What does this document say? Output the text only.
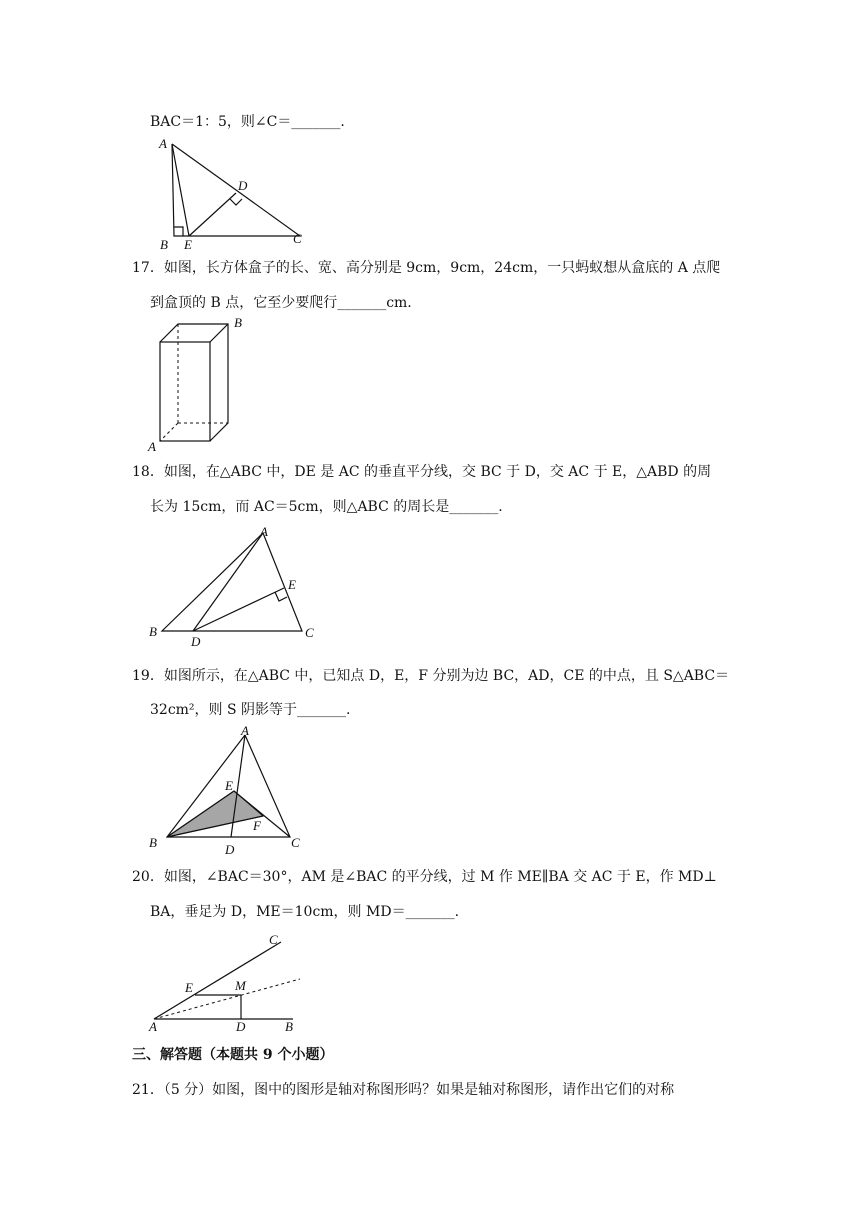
BAC＝1：5，则∠C＝_______.
A
B E
D
C
17．如图，长方体盒子的长、宽、高分别是 9cm，9cm，24cm，一只蚂蚁想从盒底的 A 点爬
到盒顶的 B 点，它至少要爬行_______cm.
B
A
18．如图，在△ABC 中，DE 是 AC 的垂直平分线，交 BC 于 D，交 AC 于 E，△ABD 的周
长为 15cm，而 AC＝5cm，则△ABC 的周长是_______.
A
B
D
E
C
19．如图所示，在△ABC 中，已知点 D，E，F 分别为边 BC，AD，CE 的中点，且 S△ABC＝
32cm²，则 S 阴影等于_______.
A
B
E
F
D	C
20．如图，∠BAC＝30°，AM 是∠BAC 的平分线，过 M 作 ME∥BA 交 AC 于 E，作 MD⊥
BA，垂足为 D，ME＝10cm，则 MD＝_______.
C
E	M
A	D	B
三、解答题（本题共 9 个小题）
21．（5 分）如图，图中的图形是轴对称图形吗？如果是轴对称图形，请作出它们的对称
